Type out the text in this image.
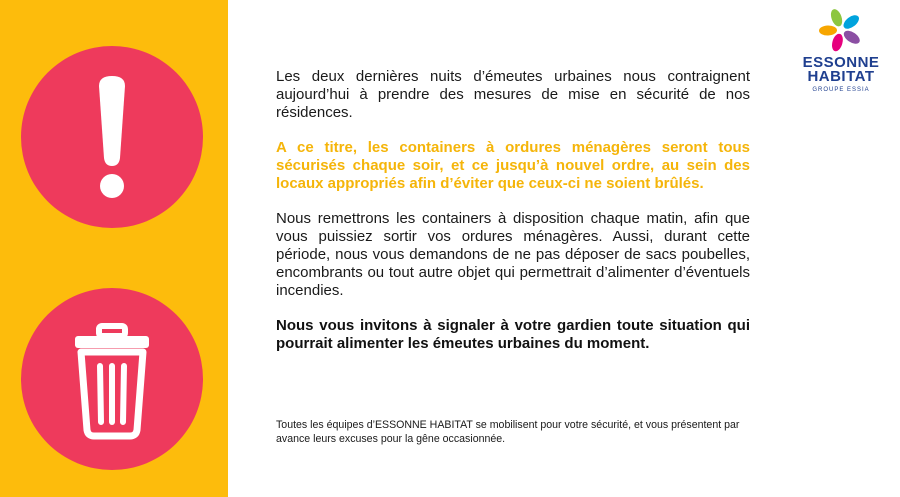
ESSONNE
HABITAT
GROUPE ESSIA

Les deux dernières nuits d’émeutes urbaines nous contraignent aujourd’hui à prendre des mesures de mise en sécurité de nos résidences.

A ce titre, les containers à ordures ménagères seront tous sécurisés chaque soir, et ce jusqu’à nouvel ordre, au sein des locaux appropriés afin d’éviter que ceux-ci ne soient brûlés.

Nous remettrons les containers à disposition chaque matin, afin que vous puissiez sortir vos ordures ménagères. Aussi, durant cette période, nous vous demandons de ne pas déposer de sacs poubelles, encombrants ou tout autre objet qui permettrait d’alimenter d’éventuels incendies.

Nous vous invitons à signaler à votre gardien toute situation qui pourrait alimenter les émeutes urbaines du moment.

Toutes les équipes d’ESSONNE HABITAT se mobilisent pour votre sécurité, et vous présentent par avance leurs excuses pour la gêne occasionnée.
